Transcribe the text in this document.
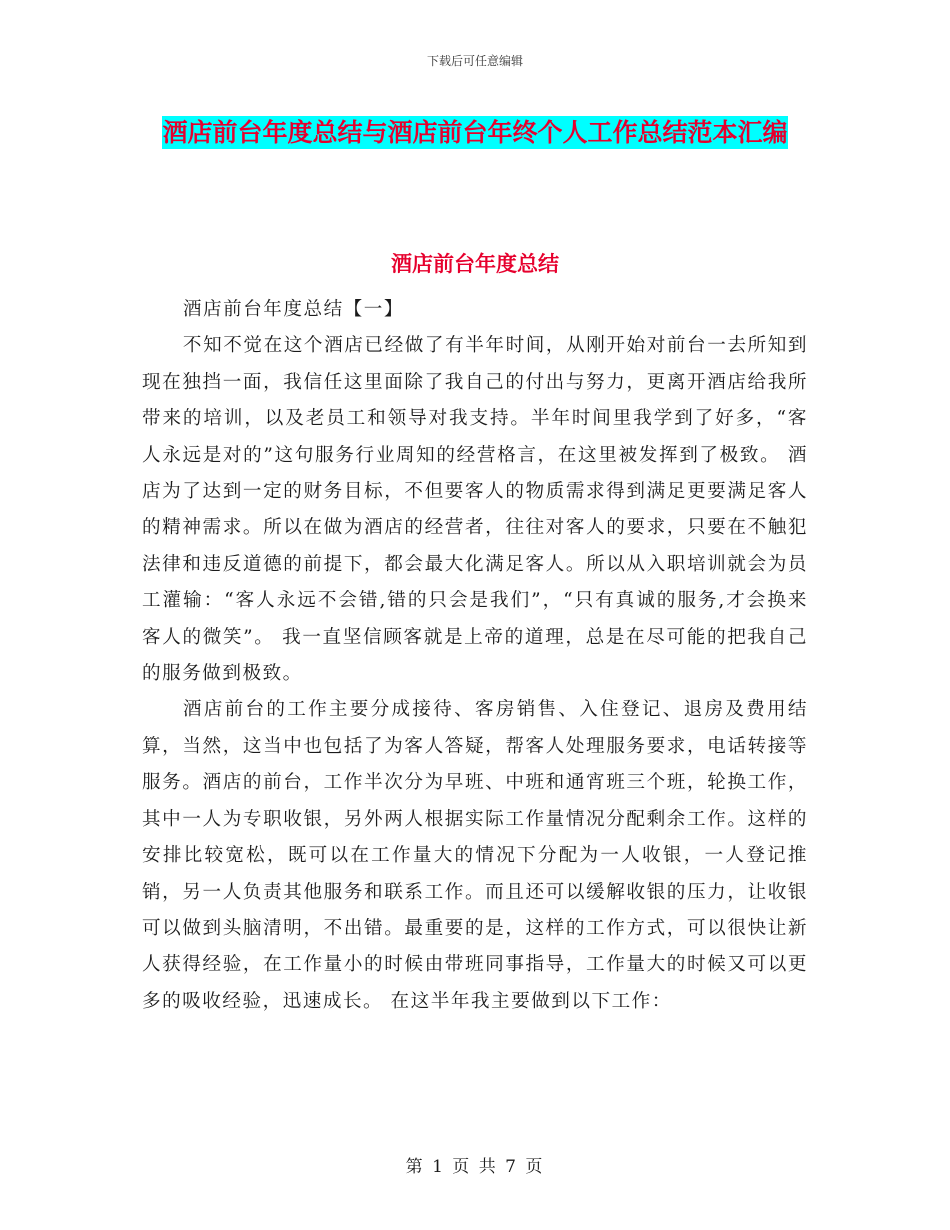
下载后可任意编辑
酒店前台年度总结与酒店前台年终个人工作总结范本汇编
酒店前台年度总结

酒店前台年度总结【一】

不知不觉在这个酒店已经做了有半年时间，从刚开始对前台一去所知到现在独挡一面，我信任这里面除了我自己的付出与努力，更离开酒店给我所带来的培训，以及老员工和领导对我支持。半年时间里我学到了好多，“客人永远是对的”这句服务行业周知的经营格言，在这里被发挥到了极致。 酒店为了达到一定的财务目标，不但要客人的物质需求得到满足更要满足客人的精神需求。所以在做为酒店的经营者，往往对客人的要求，只要在不触犯法律和违反道德的前提下，都会最大化满足客人。所以从入职培训就会为员工灌输：“客人永远不会错,错的只会是我们”，“只有真诚的服务,才会换来客人的微笑”。 我一直坚信顾客就是上帝的道理，总是在尽可能的把我自己的服务做到极致。

酒店前台的工作主要分成接待、客房销售、入住登记、退房及费用结算，当然，这当中也包括了为客人答疑，帮客人处理服务要求，电话转接等服务。酒店的前台，工作半次分为早班、中班和通宵班三个班，轮换工作，其中一人为专职收银，另外两人根据实际工作量情况分配剩余工作。这样的安排比较宽松，既可以在工作量大的情况下分配为一人收银，一人登记推销，另一人负责其他服务和联系工作。而且还可以缓解收银的压力，让收银可以做到头脑清明，不出错。最重要的是，这样的工作方式，可以很快让新人获得经验，在工作量小的时候由带班同事指导，工作量大的时候又可以更多的吸收经验，迅速成长。 在这半年我主要做到以下工作：

第 1 页 共 7 页
